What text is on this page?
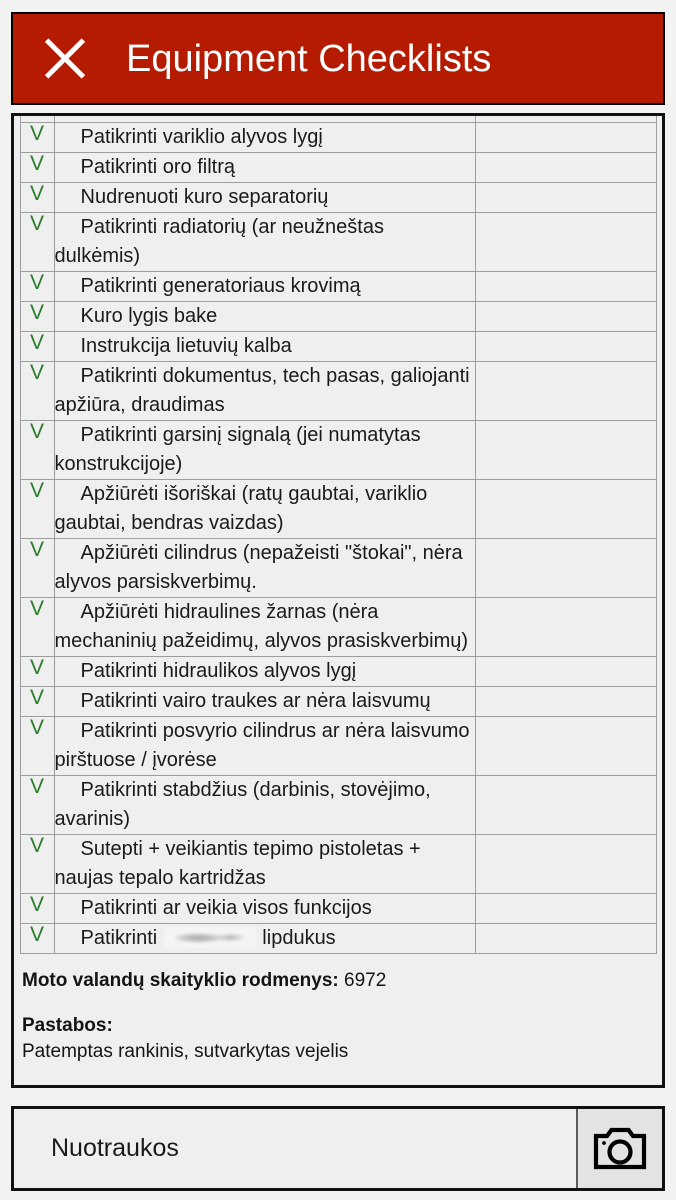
Equipment Checklists

V	Patikrinti variklio alyvos lygį	
V	Patikrinti oro filtrą	
V	Nudrenuoti kuro separatorių	
V	Patikrinti radiatorių (ar neužneštas dulkėmis)	
V	Patikrinti generatoriaus krovimą	
V	Kuro lygis bake	
V	Instrukcija lietuvių kalba	
V	Patikrinti dokumentus, tech pasas, galiojanti apžiūra, draudimas	
V	Patikrinti garsinį signalą (jei numatytas konstrukcijoje)	
V	Apžiūrėti išoriškai (ratų gaubtai, variklio gaubtai, bendras vaizdas)	
V	Apžiūrėti cilindrus (nepažeisti "štokai", nėra alyvos parsiskverbimų.	
V	Apžiūrėti hidraulines žarnas (nėra mechaninių pažeidimų, alyvos prasiskverbimų)	
V	Patikrinti hidraulikos alyvos lygį	
V	Patikrinti vairo traukes ar nėra laisvumų	
V	Patikrinti posvyrio cilindrus ar nėra laisvumo pirštuose / įvorėse	
V	Patikrinti stabdžius (darbinis, stovėjimo, avarinis)	
V	Sutepti + veikiantis tepimo pistoletas + naujas tepalo kartridžas	
V	Patikrinti ar veikia visos funkcijos	
V	Patikrinti lipdukus	

Moto valandų skaityklio rodmenys: 6972

Pastabos:
Patemptas rankinis, sutvarkytas vejelis

Nuotraukos
